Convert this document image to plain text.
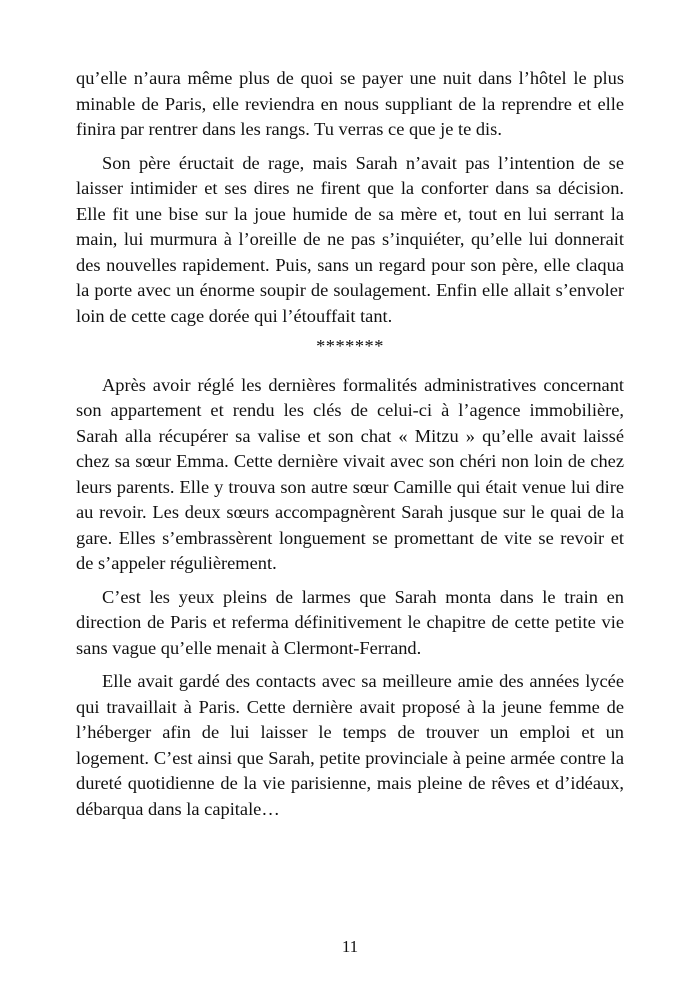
qu’elle n’aura même plus de quoi se payer une nuit dans l’hôtel le plus minable de Paris, elle reviendra en nous suppliant de la reprendre et elle finira par rentrer dans les rangs. Tu verras ce que je te dis.

Son père éructait de rage, mais Sarah n’avait pas l’intention de se laisser intimider et ses dires ne firent que la conforter dans sa décision. Elle fit une bise sur la joue humide de sa mère et, tout en lui serrant la main, lui murmura à l’oreille de ne pas s’inquiéter, qu’elle lui donnerait des nouvelles rapidement. Puis, sans un regard pour son père, elle claqua la porte avec un énorme soupir de soulagement. Enfin elle allait s’envoler loin de cette cage dorée qui l’étouffait tant.

*******

Après avoir réglé les dernières formalités administratives concernant son appartement et rendu les clés de celui-ci à l’agence immobilière, Sarah alla récupérer sa valise et son chat « Mitzu » qu’elle avait laissé chez sa sœur Emma. Cette dernière vivait avec son chéri non loin de chez leurs parents. Elle y trouva son autre sœur Camille qui était venue lui dire au revoir. Les deux sœurs accompagnèrent Sarah jusque sur le quai de la gare. Elles s’embrassèrent longuement se promettant de vite se revoir et de s’appeler régulièrement.

C’est les yeux pleins de larmes que Sarah monta dans le train en direction de Paris et referma définitivement le chapitre de cette petite vie sans vague qu’elle menait à Clermont-Ferrand.

Elle avait gardé des contacts avec sa meilleure amie des années lycée qui travaillait à Paris. Cette dernière avait proposé à la jeune femme de l’héberger afin de lui laisser le temps de trouver un emploi et un logement. C’est ainsi que Sarah, petite provinciale à peine armée contre la dureté quotidienne de la vie parisienne, mais pleine de rêves et d’idéaux, débarqua dans la capitale…

11
